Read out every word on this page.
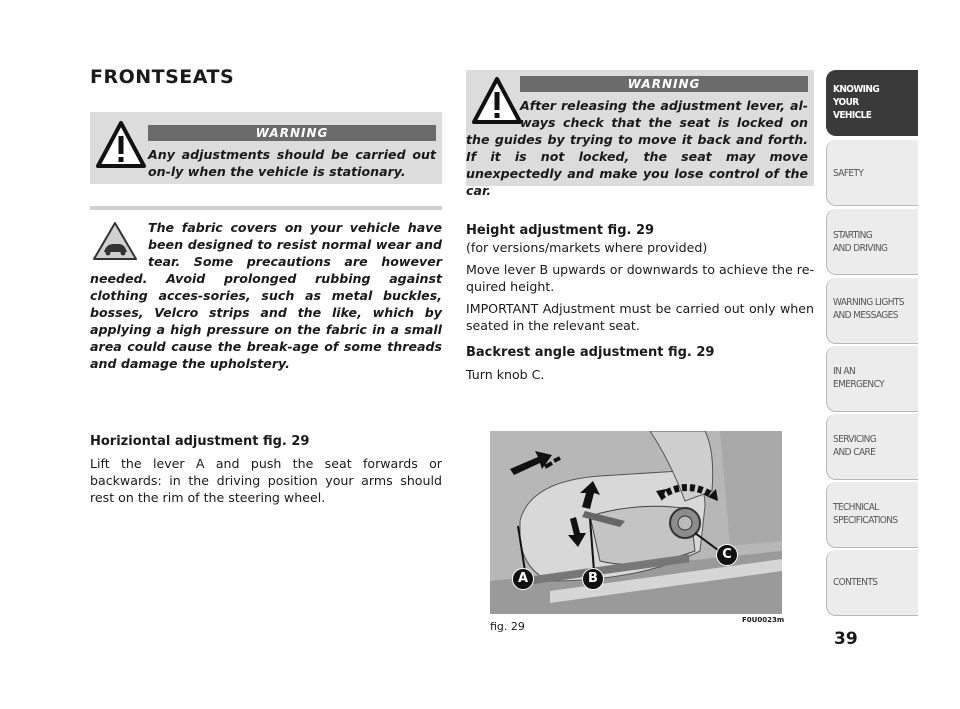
FRONTSEATS
WARNING
Any adjustments should be carried out on-ly when the vehicle is stationary.
The fabric covers on your vehicle have been designed to resist normal wear and tear. Some precautions are however needed. Avoid prolonged rubbing against clothing acces-sories, such as metal buckles, bosses, Velcro strips and the like, which by applying a high pressure on the fabric in a small area could cause the break-age of some threads and damage the upholstery.
Horiziontal adjustment fig. 29

Lift the lever A and push the seat forwards or backwards: in the driving position your arms should rest on the rim of the steering wheel.

WARNING
After releasing the adjustment lever, al-ways check that the seat is locked on the guides by trying to move it back and forth. If it is not locked, the seat may move unexpectedly and make you lose control of the car.
Height adjustment fig. 29

(for versions/markets where provided)

Move lever B upwards or downwards to achieve the re-quired height.

IMPORTANT Adjustment must be carried out only when seated in the relevant seat.

Backrest angle adjustment fig. 29

Turn knob C.

A	B
C
fig. 29	F0U0023m
KNOWING
YOUR
VEHICLE
SAFETY
STARTING
AND DRIVING
WARNING LIGHTS
AND MESSAGES
IN AN
EMERGENCY
SERVICING
AND CARE
TECHNICAL
SPECIFICATIONS
CONTENTS
39
